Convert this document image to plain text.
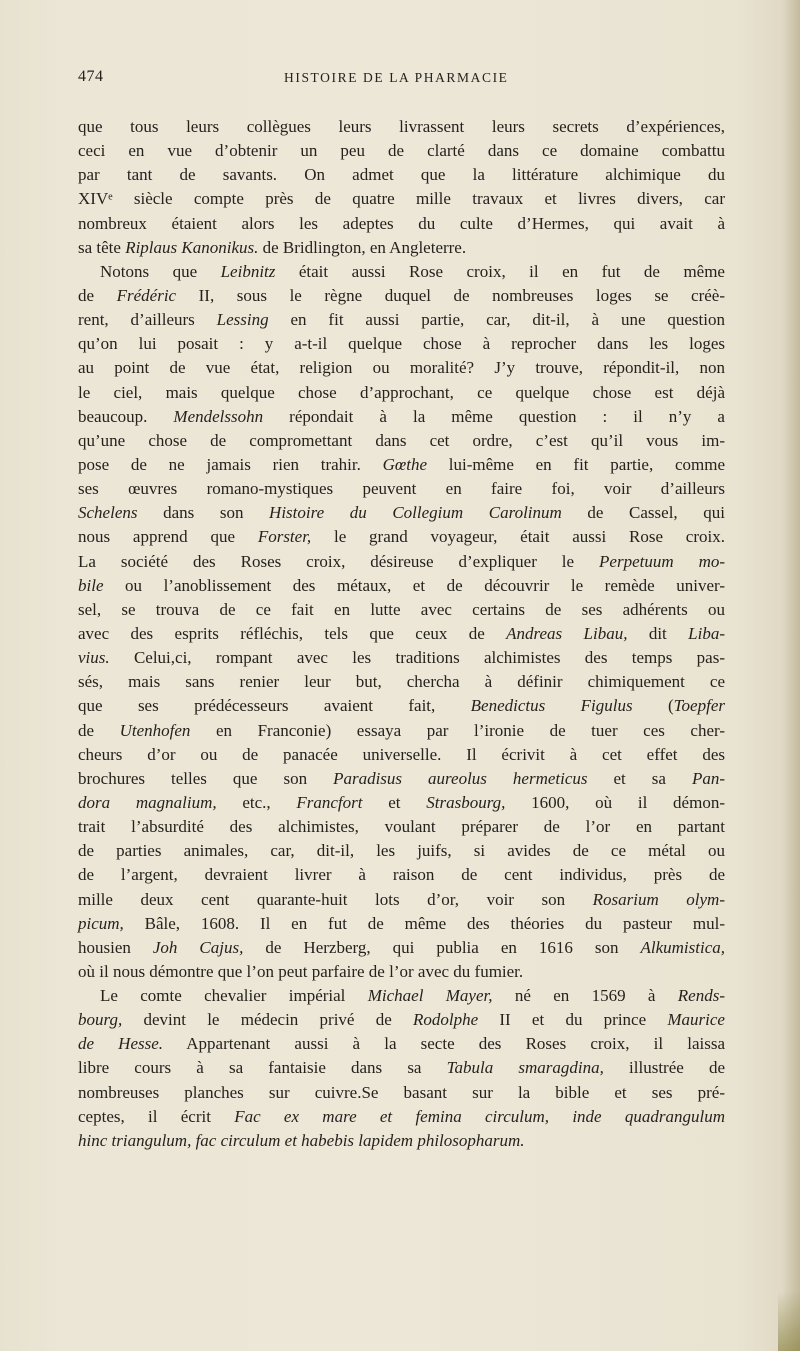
474	HISTOIRE DE LA PHARMACIE
que tous leurs collègues leurs livrassent leurs secrets d’expériences,
ceci en vue d’obtenir un peu de clarté dans ce domaine combattu
par tant de savants. On admet que la littérature alchimique du
XIVᵉ siècle compte près de quatre mille travaux et livres divers, car
nombreux étaient alors les adeptes du culte d’Hermes, qui avait à
sa tête Riplaus Kanonikus. de Bridlington, en Angleterre.
Notons que Leibnitz était aussi Rose croix, il en fut de même
de Frédéric II, sous le règne duquel de nombreuses loges se créè-
rent, d’ailleurs Lessing en fit aussi partie, car, dit-il, à une question
qu’on lui posait : y a-t-il quelque chose à reprocher dans les loges
au point de vue état, religion ou moralité? J’y trouve, répondit-il, non
le ciel, mais quelque chose d’approchant, ce quelque chose est déjà
beaucoup. Mendelssohn répondait à la même question : il n’y a
qu’une chose de compromettant dans cet ordre, c’est qu’il vous im-
pose de ne jamais rien trahir. Gœthe lui-même en fit partie, comme
ses œuvres romano-mystiques peuvent en faire foi, voir d’ailleurs
Schelens dans son Histoire du Collegium Carolinum de Cassel, qui
nous apprend que Forster, le grand voyageur, était aussi Rose croix.
La société des Roses croix, désireuse d’expliquer le Perpetuum mo-
bile ou l’anoblissement des métaux, et de découvrir le remède univer-
sel, se trouva de ce fait en lutte avec certains de ses adhérents ou
avec des esprits réfléchis, tels que ceux de Andreas Libau, dit Liba-
vius. Celui,ci, rompant avec les traditions alchimistes des temps pas-
sés, mais sans renier leur but, chercha à définir chimiquement ce
que ses prédécesseurs avaient fait, Benedictus Figulus (Toepfer
de Utenhofen en Franconie) essaya par l’ironie de tuer ces cher-
cheurs d’or ou de panacée universelle. Il écrivit à cet effet des
brochures telles que son Paradisus aureolus hermeticus et sa Pan-
dora magnalium, etc., Francfort et Strasbourg, 1600, où il démon-
trait l’absurdité des alchimistes, voulant préparer de l’or en partant
de parties animales, car, dit-il, les juifs, si avides de ce métal ou
de l’argent, devraient livrer à raison de cent individus, près de
mille deux cent quarante-huit lots d’or, voir son Rosarium olym-
picum, Bâle, 1608. Il en fut de même des théories du pasteur mul-
housien Joh Cajus, de Herzberg, qui publia en 1616 son Alkumistica,
où il nous démontre que l’on peut parfaire de l’or avec du fumier.
Le comte chevalier impérial Michael Mayer, né en 1569 à Rends-
bourg, devint le médecin privé de Rodolphe II et du prince Maurice
de Hesse. Appartenant aussi à la secte des Roses croix, il laissa
libre cours à sa fantaisie dans sa Tabula smaragdina, illustrée de
nombreuses planches sur cuivre.Se basant sur la bible et ses pré-
ceptes, il écrit Fac ex mare et femina circulum, inde quadrangulum
hinc triangulum, fac circulum et habebis lapidem philosopharum.
